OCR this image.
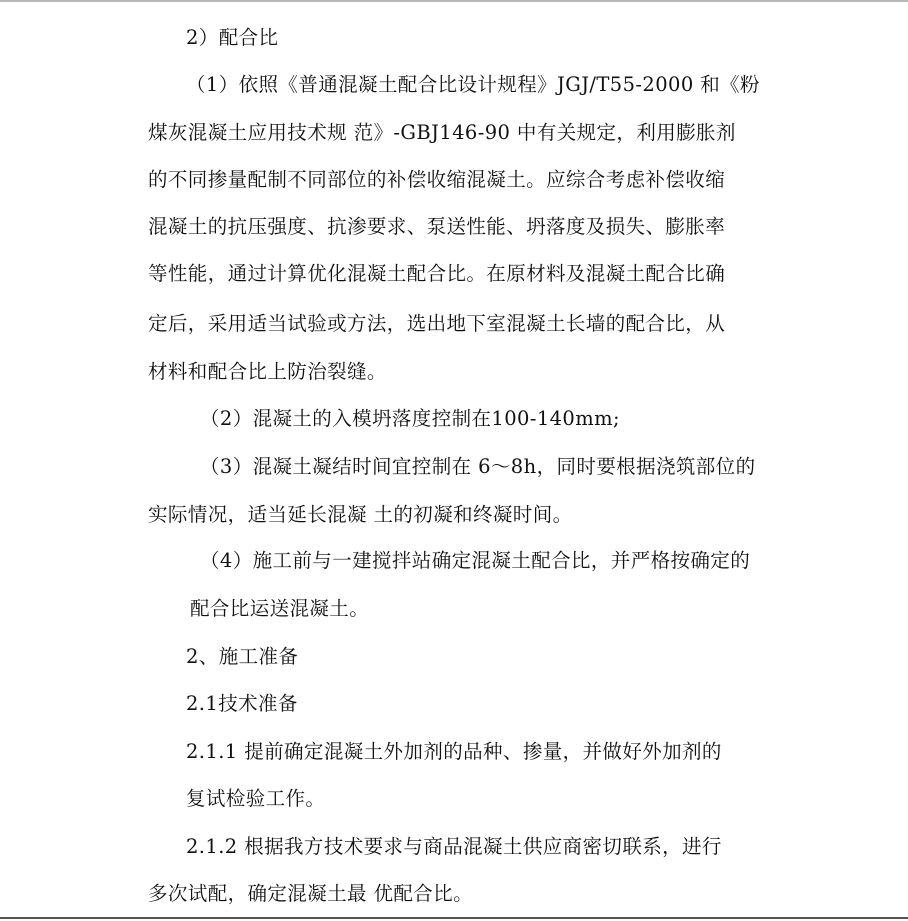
2）配合比
（1）依照《普通混凝土配合比设计规程》JGJ/T55-2000 和《粉
煤灰混凝土应用技术规 范》-GBJ146-90 中有关规定，利用膨胀剂
的不同掺量配制不同部位的补偿收缩混凝土。应综合考虑补偿收缩
混凝土的抗压强度、抗渗要求、泵送性能、坍落度及损失、膨胀率
等性能，通过计算优化混凝土配合比。在原材料及混凝土配合比确
定后，采用适当试验或方法，选出地下室混凝土长墙的配合比，从
材料和配合比上防治裂缝。
（2）混凝土的入模坍落度控制在100-140mm;
（3）混凝土凝结时间宜控制在 6～8h，同时要根据浇筑部位的
实际情况，适当延长混凝 土的初凝和终凝时间。
（4）施工前与一建搅拌站确定混凝土配合比，并严格按确定的
配合比运送混凝土。
2、施工准备
2.1技术准备
2.1.1 提前确定混凝土外加剂的品种、掺量，并做好外加剂的
复试检验工作。
2.1.2 根据我方技术要求与商品混凝土供应商密切联系，进行
多次试配，确定混凝土最 优配合比。
